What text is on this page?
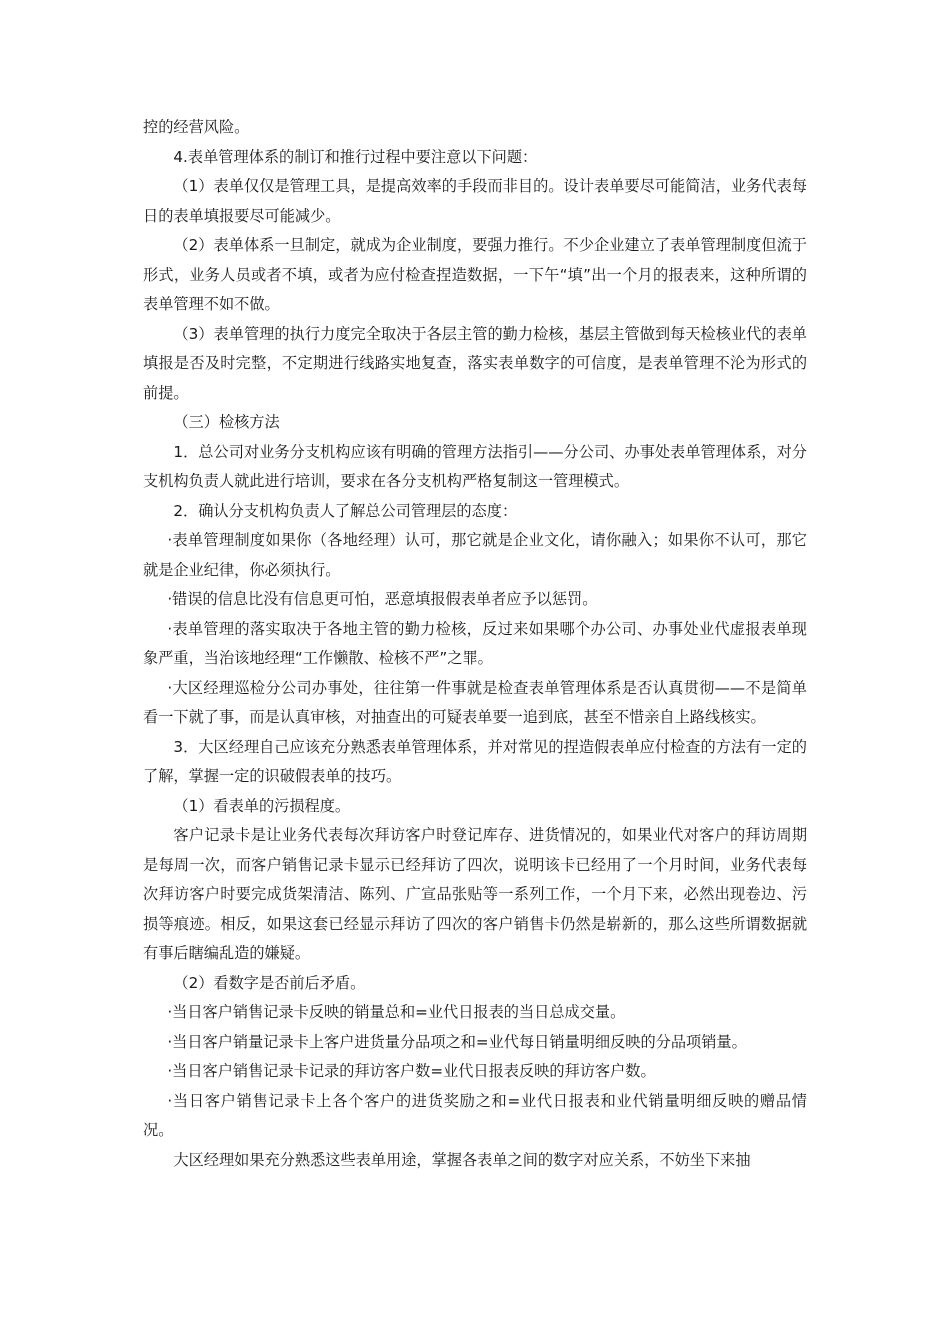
控的经营风险。

4.表单管理体系的制订和推行过程中要注意以下问题：

（1）表单仅仅是管理工具，是提高效率的手段而非目的。设计表单要尽可能简洁，业务代表每日的表单填报要尽可能减少。

（2）表单体系一旦制定，就成为企业制度，要强力推行。不少企业建立了表单管理制度但流于形式，业务人员或者不填，或者为应付检查捏造数据，一下午“填”出一个月的报表来，这种所谓的表单管理不如不做。

（3）表单管理的执行力度完全取决于各层主管的勤力检核，基层主管做到每天检核业代的表单填报是否及时完整，不定期进行线路实地复查，落实表单数字的可信度，是表单管理不沦为形式的前提。

（三）检核方法

1．总公司对业务分支机构应该有明确的管理方法指引——分公司、办事处表单管理体系，对分支机构负责人就此进行培训，要求在各分支机构严格复制这一管理模式。

2．确认分支机构负责人了解总公司管理层的态度：

·表单管理制度如果你（各地经理）认可，那它就是企业文化，请你融入；如果你不认可，那它就是企业纪律，你必须执行。

·错误的信息比没有信息更可怕，恶意填报假表单者应予以惩罚。

·表单管理的落实取决于各地主管的勤力检核，反过来如果哪个办公司、办事处业代虚报表单现象严重，当治该地经理“工作懒散、检核不严”之罪。

·大区经理巡检分公司办事处，往往第一件事就是检查表单管理体系是否认真贯彻——不是简单看一下就了事，而是认真审核，对抽查出的可疑表单要一追到底，甚至不惜亲自上路线核实。

3．大区经理自己应该充分熟悉表单管理体系，并对常见的捏造假表单应付检查的方法有一定的了解，掌握一定的识破假表单的技巧。

（1）看表单的污损程度。

客户记录卡是让业务代表每次拜访客户时登记库存、进货情况的，如果业代对客户的拜访周期是每周一次，而客户销售记录卡显示已经拜访了四次，说明该卡已经用了一个月时间，业务代表每次拜访客户时要完成货架清洁、陈列、广宣品张贴等一系列工作，一个月下来，必然出现卷边、污损等痕迹。相反，如果这套已经显示拜访了四次的客户销售卡仍然是崭新的，那么这些所谓数据就有事后瞎编乱造的嫌疑。

（2）看数字是否前后矛盾。

·当日客户销售记录卡反映的销量总和=业代日报表的当日总成交量。

·当日客户销量记录卡上客户进货量分品项之和=业代每日销量明细反映的分品项销量。

·当日客户销售记录卡记录的拜访客户数=业代日报表反映的拜访客户数。

·当日客户销售记录卡上各个客户的进货奖励之和=业代日报表和业代销量明细反映的赠品情况。

大区经理如果充分熟悉这些表单用途，掌握各表单之间的数字对应关系，不妨坐下来抽
